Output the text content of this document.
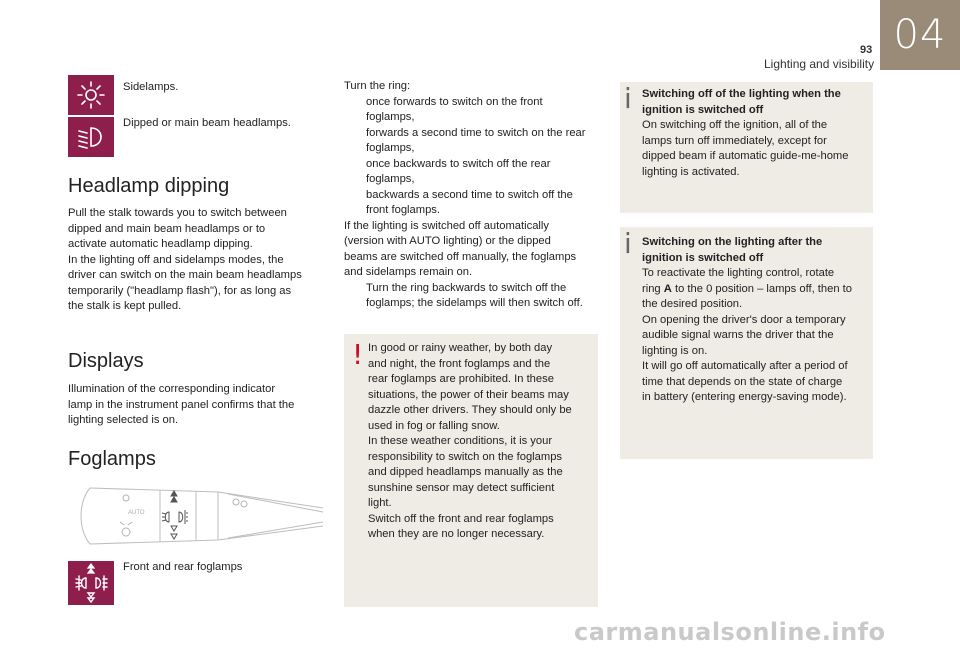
04
93
Lighting and visibility
Sidelamps.
Dipped or main beam headlamps.
Headlamp dipping
Pull the stalk towards you to switch between
dipped and main beam headlamps or to
activate automatic headlamp dipping.
In the lighting off and sidelamps modes, the
driver can switch on the main beam headlamps
temporarily ("headlamp flash"), for as long as
the stalk is kept pulled.
Displays
Illumination of the corresponding indicator
lamp in the instrument panel confirms that the
lighting selected is on.
Foglamps
AUTO
Front and rear foglamps
Turn the ring:
once forwards to switch on the front
foglamps,
forwards a second time to switch on the rear
foglamps,
once backwards to switch off the rear
foglamps,
backwards a second time to switch off the
front foglamps.
If the lighting is switched off automatically
(version with AUTO lighting) or the dipped
beams are switched off manually, the foglamps
and sidelamps remain on.
Turn the ring backwards to switch off the
foglamps; the sidelamps will then switch off.
! In good or rainy weather, by both day
and night, the front foglamps and the
rear foglamps are prohibited. In these
situations, the power of their beams may
dazzle other drivers. They should only be
used in fog or falling snow.
In these weather conditions, it is your
responsibility to switch on the foglamps
and dipped headlamps manually as the
sunshine sensor may detect sufficient
light.
Switch off the front and rear foglamps
when they are no longer necessary.
i Switching off of the lighting when the
ignition is switched off
On switching off the ignition, all of the
lamps turn off immediately, except for
dipped beam if automatic guide-me-home
lighting is activated.
i Switching on the lighting after the
ignition is switched off
To reactivate the lighting control, rotate
ring A to the 0 position – lamps off, then to
the desired position.
On opening the driver's door a temporary
audible signal warns the driver that the
lighting is on.
It will go off automatically after a period of
time that depends on the state of charge
in battery (entering energy-saving mode).
carmanualsonline.info
